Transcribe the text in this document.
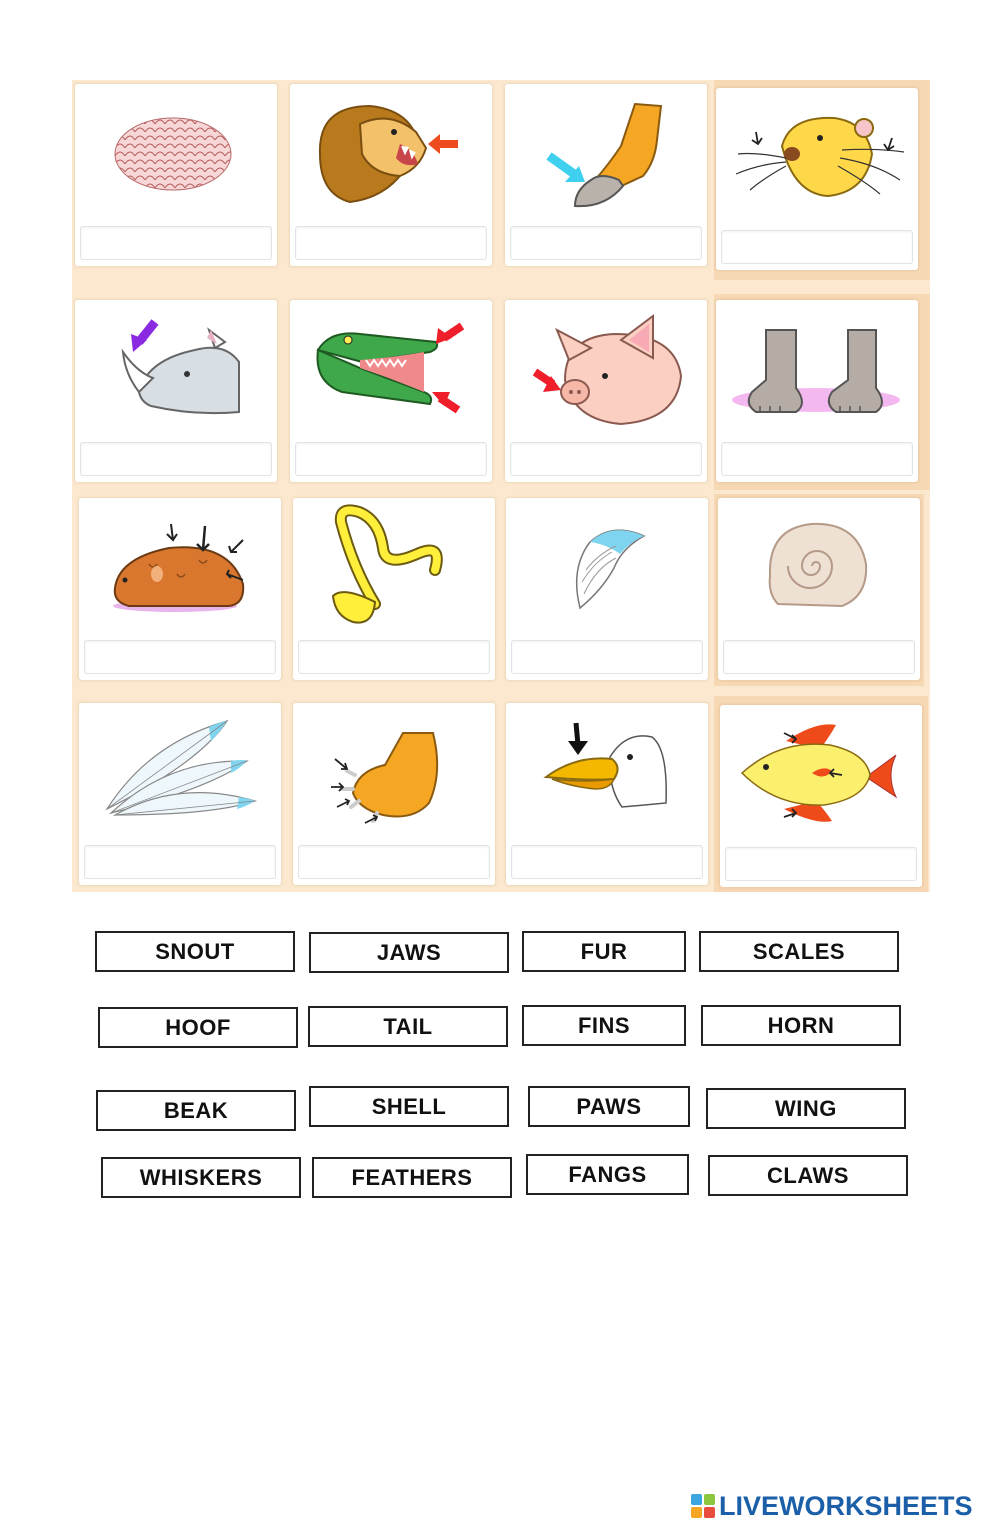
SNOUT	JAWS	FUR	SCALES
HOOF	TAIL	FINS	HORN
BEAK	SHELL	PAWS	WING
WHISKERS	FEATHERS	FANGS	CLAWS
LIVEWORKSHEETS
